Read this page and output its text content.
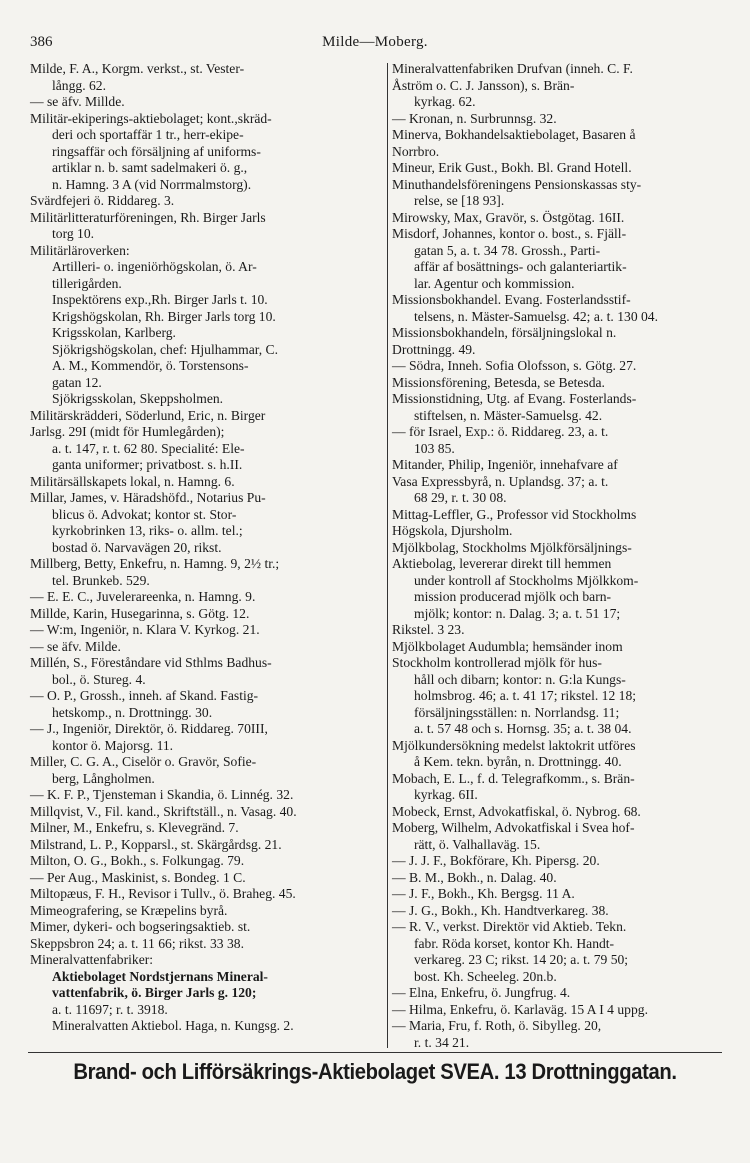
386	Milde—Moberg.
Milde, F. A., Korgm. verkst., st. Vester-
långg. 62.
— se äfv. Millde.
Militär-ekiperings-aktiebolaget; kont.,skräd-
deri och sportaffär 1 tr., herr-ekipe-
ringsaffär och försäljning af uniforms-
artiklar n. b. samt sadelmakeri ö. g.,
n. Hamng. 3 A (vid Norrmalmstorg).
Svärdfejeri ö. Riddareg. 3.
Militärlitteraturföreningen, Rh. Birger Jarls
torg 10.
Militärläroverken:
Artilleri- o. ingeniörhögskolan, ö. Ar-
tillerigården.
Inspektörens exp.,Rh. Birger Jarls t. 10.
Krigshögskolan, Rh. Birger Jarls torg 10.
Krigsskolan, Karlberg.
Sjökrigshögskolan, chef: Hjulhammar, C.
A. M., Kommendör, ö. Torstensons-
gatan 12.
Sjökrigsskolan, Skeppsholmen.
Militärskrädderi, Söderlund, Eric, n. Birger
Jarlsg. 29I (midt för Humlegården);
a. t. 147, r. t. 62 80. Specialité: Ele-
ganta uniformer; privatbost. s. h.II.
Militärsällskapets lokal, n. Hamng. 6.
Millar, James, v. Häradshöfd., Notarius Pu-
blicus ö. Advokat; kontor st. Stor-
kyrkobrinken 13, riks- o. allm. tel.;
bostad ö. Narvavägen 20, rikst.
Millberg, Betty, Enkefru, n. Hamng. 9, 2½ tr.;
tel. Brunkeb. 529.
— E. E. C., Juvelerareenka, n. Hamng. 9.
Millde, Karin, Husegarinna, s. Götg. 12.
— W:m, Ingeniör, n. Klara V. Kyrkog. 21.
— se äfv. Milde.
Millén, S., Föreståndare vid Sthlms Badhus-
bol., ö. Stureg. 4.
— O. P., Grossh., inneh. af Skand. Fastig-
hetskomp., n. Drottningg. 30.
— J., Ingeniör, Direktör, ö. Riddareg. 70III,
kontor ö. Majorsg. 11.
Miller, C. G. A., Ciselör o. Gravör, Sofie-
berg, Långholmen.
— K. F. P., Tjensteman i Skandia, ö. Linnég. 32.
Millqvist, V., Fil. kand., Skriftställ., n. Vasag. 40.
Milner, M., Enkefru, s. Klevegränd. 7.
Milstrand, L. P., Kopparsl., st. Skärgårdsg. 21.
Milton, O. G., Bokh., s. Folkungag. 79.
— Per Aug., Maskinist, s. Bondeg. 1 C.
Miltopæus, F. H., Revisor i Tullv., ö. Braheg. 45.
Mimeografering, se Kræpelins byrå.
Mimer, dykeri- och bogseringsaktieb. st.
Skeppsbron 24; a. t. 11 66; rikst. 33 38.
Mineralvattenfabriker:
Aktiebolaget Nordstjernans Mineral-
vattenfabrik, ö. Birger Jarls g. 120;
a. t. 11697; r. t. 3918.
Mineralvatten Aktiebol. Haga, n. Kungsg. 2.
Mineralvattenfabriken Drufvan (inneh. C. F.
Åström o. C. J. Jansson), s. Brän-
kyrkag. 62.
— Kronan, n. Surbrunnsg. 32.
Minerva, Bokhandelsaktiebolaget, Basaren å
Norrbro.
Mineur, Erik Gust., Bokh. Bl. Grand Hotell.
Minuthandelsföreningens Pensionskassas sty-
relse, se [18 93].
Mirowsky, Max, Gravör, s. Östgötag. 16II.
Misdorf, Johannes, kontor o. bost., s. Fjäll-
gatan 5, a. t. 34 78. Grossh., Parti-
affär af bosättnings- och galanteriartik-
lar. Agentur och kommission.
Missionsbokhandel. Evang. Fosterlandsstif-
telsens, n. Mäster-Samuelsg. 42; a. t. 130 04.
Missionsbokhandeln, försäljningslokal n.
Drottningg. 49.
— Södra, Inneh. Sofia Olofsson, s. Götg. 27.
Missionsförening, Betesda, se Betesda.
Missionstidning, Utg. af Evang. Fosterlands-
stiftelsen, n. Mäster-Samuelsg. 42.
— för Israel, Exp.: ö. Riddareg. 23, a. t.
103 85.
Mitander, Philip, Ingeniör, innehafvare af
Vasa Expressbyrå, n. Uplandsg. 37; a. t.
68 29, r. t. 30 08.
Mittag-Leffler, G., Professor vid Stockholms
Högskola, Djursholm.
Mjölkbolag, Stockholms Mjölkförsäljnings-
Aktiebolag, levererar direkt till hemmen
under kontroll af Stockholms Mjölkkom-
mission producerad mjölk och barn-
mjölk; kontor: n. Dalag. 3; a. t. 51 17;
Rikstel. 3 23.
Mjölkbolaget Audumbla; hemsänder inom
Stockholm kontrollerad mjölk för hus-
håll och dibarn; kontor: n. G:la Kungs-
holmsbrog. 46; a. t. 41 17; rikstel. 12 18;
försäljningsställen: n. Norrlandsg. 11;
a. t. 57 48 och s. Hornsg. 35; a. t. 38 04.
Mjölkundersökning medelst laktokrit utföres
å Kem. tekn. byrån, n. Drottningg. 40.
Mobach, E. L., f. d. Telegrafkomm., s. Brän-
kyrkag. 6II.
Mobeck, Ernst, Advokatfiskal, ö. Nybrog. 68.
Moberg, Wilhelm, Advokatfiskal i Svea hof-
rätt, ö. Valhallaväg. 15.
— J. J. F., Bokförare, Kh. Pipersg. 20.
— B. M., Bokh., n. Dalag. 40.
— J. F., Bokh., Kh. Bergsg. 11 A.
— J. G., Bokh., Kh. Handtverkareg. 38.
— R. V., verkst. Direktör vid Aktieb. Tekn.
fabr. Röda korset, kontor Kh. Handt-
verkareg. 23 C; rikst. 14 20; a. t. 79 50;
bost. Kh. Scheeleg. 20n.b.
— Elna, Enkefru, ö. Jungfrug. 4.
— Hilma, Enkefru, ö. Karlaväg. 15 A I 4 uppg.
— Maria, Fru, f. Roth, ö. Sibylleg. 20,
r. t. 34 21.
Brand- och Lifförsäkrings-Aktiebolaget SVEA. 13 Drottninggatan.
